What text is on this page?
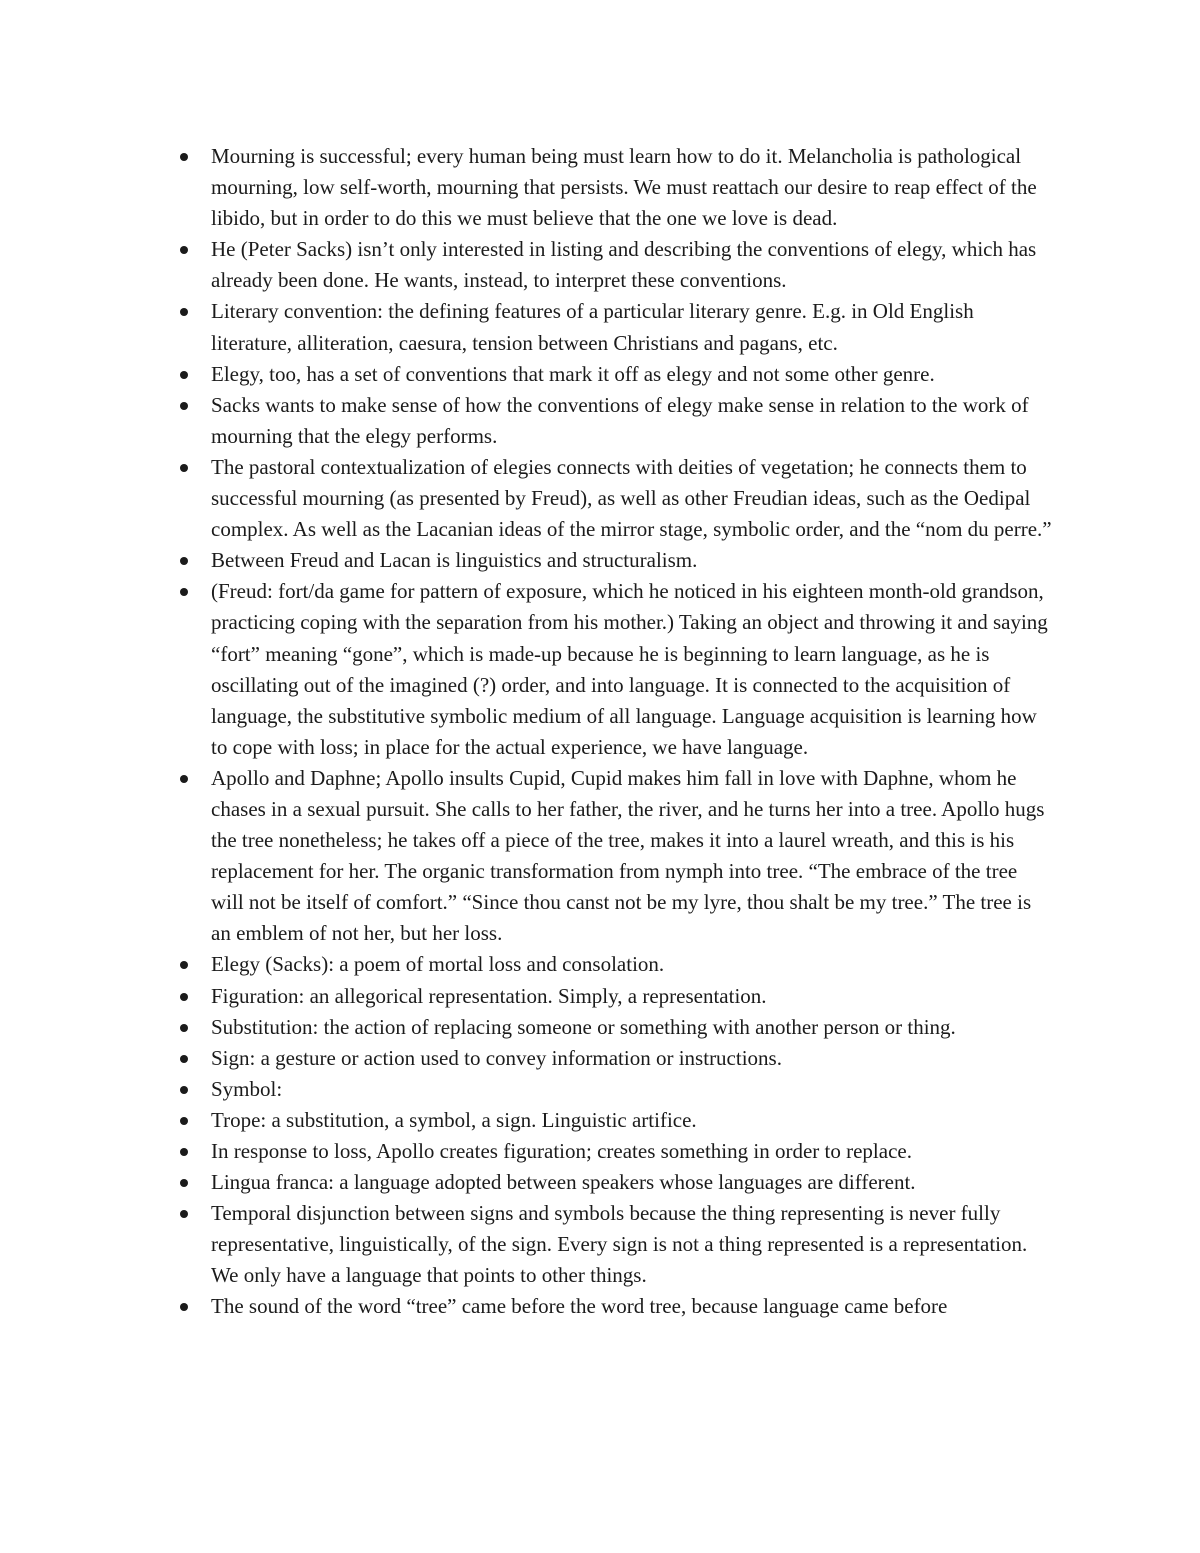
Mourning is successful; every human being must learn how to do it. Melancholia is pathological mourning, low self-worth, mourning that persists. We must reattach our desire to reap effect of the libido, but in order to do this we must believe that the one we love is dead.
He (Peter Sacks) isn’t only interested in listing and describing the conventions of elegy, which has already been done. He wants, instead, to interpret these conventions.
Literary convention: the defining features of a particular literary genre. E.g. in Old English literature, alliteration, caesura, tension between Christians and pagans, etc.
Elegy, too, has a set of conventions that mark it off as elegy and not some other genre.
Sacks wants to make sense of how the conventions of elegy make sense in relation to the work of mourning that the elegy performs.
The pastoral contextualization of elegies connects with deities of vegetation; he connects them to successful mourning (as presented by Freud), as well as other Freudian ideas, such as the Oedipal complex. As well as the Lacanian ideas of the mirror stage, symbolic order, and the “nom du perre.”
Between Freud and Lacan is linguistics and structuralism.
(Freud: fort/da game for pattern of exposure, which he noticed in his eighteen month-old grandson, practicing coping with the separation from his mother.) Taking an object and throwing it and saying “fort” meaning “gone”, which is made-up because he is beginning to learn language, as he is oscillating out of the imagined (?) order, and into language. It is connected to the acquisition of language, the substitutive symbolic medium of all language. Language acquisition is learning how to cope with loss; in place for the actual experience, we have language.
Apollo and Daphne; Apollo insults Cupid, Cupid makes him fall in love with Daphne, whom he chases in a sexual pursuit. She calls to her father, the river, and he turns her into a tree. Apollo hugs the tree nonetheless; he takes off a piece of the tree, makes it into a laurel wreath, and this is his replacement for her. The organic transformation from nymph into tree. “The embrace of the tree will not be itself of comfort.” “Since thou canst not be my lyre, thou shalt be my tree.” The tree is an emblem of not her, but her loss.
Elegy (Sacks): a poem of mortal loss and consolation.
Figuration: an allegorical representation. Simply, a representation.
Substitution: the action of replacing someone or something with another person or thing.
Sign: a gesture or action used to convey information or instructions.
Symbol:
Trope: a substitution, a symbol, a sign. Linguistic artifice.
In response to loss, Apollo creates figuration; creates something in order to replace.
Lingua franca: a language adopted between speakers whose languages are different.
Temporal disjunction between signs and symbols because the thing representing is never fully representative, linguistically, of the sign. Every sign is not a thing represented is a representation. We only have a language that points to other things.
The sound of the word “tree” came before the word tree, because language came before
